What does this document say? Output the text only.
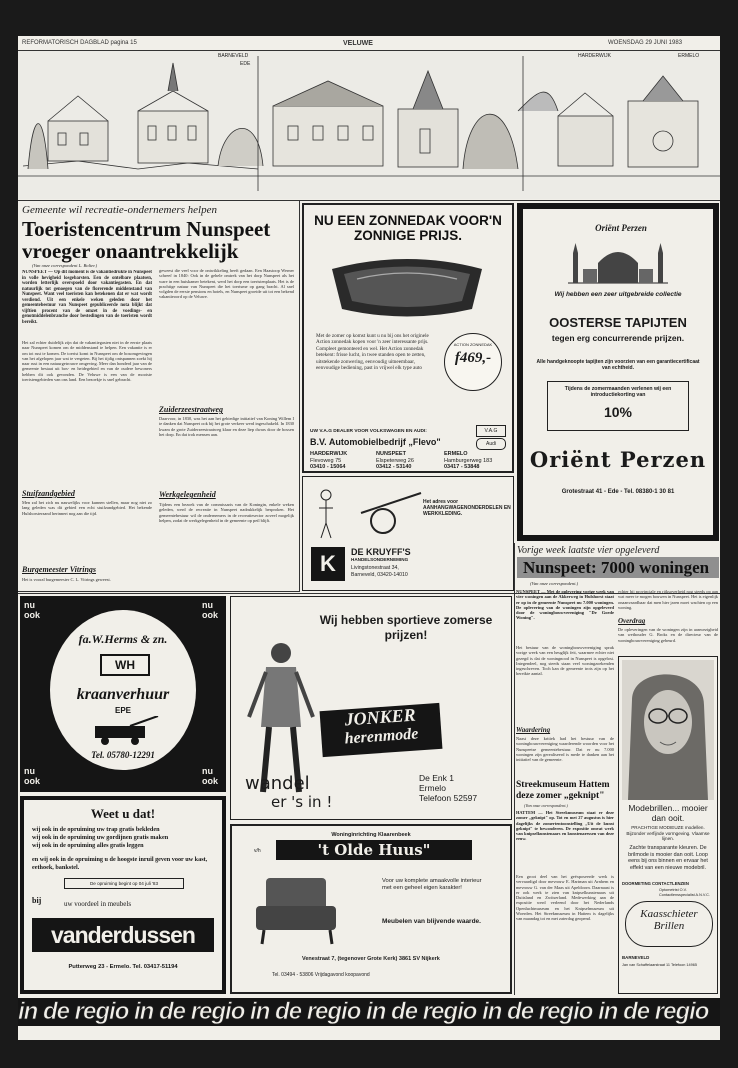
REFORMATORISCH DAGBLAD pagina 15	VELUWE	WOENSDAG 29 JUNI 1983
BARNEVELD
EDE
HARDERWIJK	ERMELO
Gemeente wil recreatie-ondernemers helpen
Toeristencentrum Nunspeet vroeger onaantrekkelijk
(Van onze correspondent L. Bolier.)
NUNSPEET — Op dit moment is de vakantiedrukte in Nunspeet in volle hevigheid losgebarsten. Een de ontelbare plaatsen, worden letterlijk overspoeld door vakantiegasten. En dat natuurlijk tot genoegen van de florerende middenstand van Nunspeet. Want veel toeristen kan betekenen dat er wat wordt verdiend. Uit een enkele weken geleden door het gemeentebestuur van Nunspeet gepubliceerde nota blijkt dat vijftien procent van de omzet in de voedings- en genotmiddelenbranche door bestedingen van de toeristen wordt bereikt.
Het zal echter duidelijk zijn dat de vakantiegasten niet in de eerste plaats naar Nunspeet komen om de middenstand te helpen. Een vakantie is er om tot rust te komen. De toerist komt in Nunspeet om de bosomgevingen van het afgelopen jaar wat te vergeten. Bij het tijdig ontspannen zoekt hij naar rust in een natuurgetrouwe omgeving. Meer dan honderd jaar van de gemeente bestaat uit bos- en heidegebied en van de oudere bewoners hebben dit ook gevonden. De Veluwe is een van de mooiste toeristengebieden van ons land. Een bezoekje is snel gebracht.
Stuifzandgebied
Men zal het zich nu nauwelijks voor kunnen stellen, maar nog niet zo lang geleden was dit gebied een echt stuifzandgebied. Het bekende Hulshorsterzand herinnert nog aan die tijd.
Burgemeester Vitrings
Het is vooral burgemeester C. L. Vitrings geweest.
geweest die veel voor de ontwikkeling heeft gedaan. Een Haastoop Werner schreef in 1840: Ook in de gehele omtrek van het dorp Nunspeet als het ware in een huiskamer betekent, werd het dorp een toeristenplaats. Het is de prachtige natuur van Nunspeet die het toerisme op gang bracht. Al snel volgden de eerste pensions en hotels, en Nunspeet groeide uit tot een bekend vakantieoord op de Veluwe.
Zuiderzeestraatweg
Daarvoor, in 1830, was het aan het gebiedige initiatief van Koning Willem I te danken dat Nunspeet ook bij het grote verkeer werd ingeschakeld. In 1830 kwam de grote Zuiderzeestraatweg klaar en deze liep dwars door de bossen het dorp. En dat trok mensen aan.
Werkgelegenheid
Tijdens een bezoek van de commissaris van de Koningin, enkele weken geleden, werd de recreatie in Nunspeet nadrukkelijk besproken. Het gemeentebestuur wil de ondernemers in de recreatiesector zoveel mogelijk helpen, zodat de werkgelegenheid in de gemeente op peil blijft.
NU EEN ZONNEDAK VOOR'N ZONNIGE PRIJS.
Met de zomer op komst kunt u nu bij ons het originele Action zonnedak kopen voor 'n zeer interessante prijs. Compleet gemonteerd en wel. Het Action zonnedak betekent: frisse lucht, in twee standen open te zetten, uitstekende zonwering, eenvoudig uitneembaar, eenvoudige bediening, past in vrijwel elk type auto
ACTION ZONNEDAK
f469,-
UW V.A.G DEALER VOOR VOLKSWAGEN EN AUDI:
B.V. Automobielbedrijf „Flevo"
V.A.G
Audi
HARDERWIJK
Flevoweg 75
03410 - 15064
NUNSPEET
Elspeterweg 26
03412 - 53140
ERMELO
Hamburgerweg 183
03417 - 53848
Oriënt Perzen
Wij hebben een zeer uitgebreide collectie
OOSTERSE TAPIJTEN
tegen erg concurrerende prijzen.
Alle handgeknoopte tapijten zijn voorzien van een garantiecertificaat van echtheid.
Tijdens de zomermaanden verlenen wij een introductiekorting van
10%
Oriënt Perzen
Grotestraat 41 - Ede - Tel. 08380-1 30 81
Het adres voor AANHANGWAGENONDERDELEN EN WERKKLEDING.
K	DE KRUYFF'S
HANDELSONDERNEMING
Livingstonestraat 34,
Barneveld, 03420-14010
Vorige week laatste vier opgeleverd
Nunspeet: 7000 woningen
(Van onze correspondent.)
nu ook
nu ook
fa.W.Herms & zn.
WH
kraanverhuur
EPE
Tel. 05780-12291
nu ook
nu ook
Wij hebben sportieve zomerse prijzen!
JONKER
herenmode
wandel
er 's in !
De Enk 1
Ermelo
Telefoon 52597
Weet u dat!
wij ook in de opruiming uw trap gratis bekleden
wij ook in de opruiming uw gordijnen gratis maken
wij ook in de opruiming alles gratis leggen
en wij ook in de opruiming u de hoogste inruil geven voor uw kast, eethoek, bankstel.
De opruiming begint op 04 juli '83
bij	uw voordeel in meubels
vanderdussen
Putterweg 23 - Ermelo. Tel. 03417-51194
Woninginrichting Klaarenbeek
v/h	't Olde Huus"
Voor uw komplete amaakvolle interieur met een geheel eigen karakter!
Meubelen van blijvende waarde.
Venestraat 7, (tegenover Grote Kerk) 3861 SV Nijkerk
Tel. 03494 - 53806 Vrijdagavond koopavond
NUNSPEET — Met de oplevering vorige week van vier woningen aan de Akkerweg in Hulshorst staat er op in de gemeente Nunspeet nu 7.000 woningen. De oplevering van de woningen zijn opgeleverd door de woningbouwvereniging "De Goede Woning".
Het bestuur van de woningbouwvereniging sprak vorige week van een heuglijk feit, waarmee echter niet gezegd is dat de woningnood in Nunspeet is opgelost. Integendeel, nog steeds staan veel woningzoekenden ingeschreven. Toch kan de gemeente trots zijn op het bereikte aantal.
Waardering
Naast deze kritiek had het bestuur van de woningbouwvereniging waarderende woorden voor het Nunspeetse gemeentebestuur. Dat er nu 7.000 woningen zijn gerealiseerd is mede te danken aan het initiatief van de gemeente.
echter bij provinciale en rijksoverheid nog steeds op aan wat meer te mogen bouwen in Nunspeet. Het is eigenlijk onaanvaardbaar dat men hier jaren moet wachten op een woning.
Overdrag
De opleveringen van de woningen zijn in aanwezigheid van wethouder G. Broks en de directeur van de woningbouwvereniging gebeurd.
Modebrillen... mooier dan ooit.
PRACHTIGE MODIEUZE modellen. Bijzonder verfijnde vormgeving. Vlaamse lijnen.
Zachte transparante kleuren. De brilmode is mooier dan ooit. Loop eens bij ons binnen en ervaar het effekt van een nieuwe modebril.
DOORMETING CONTACTLENZEN
Optometrist O.V. Contactlensspecialist A.N.V.C.
Kaasschieter
Brillen
BARNEVELD
Jan van Schaffelaarstraat 11 Telefoon 14965
Streekmuseum Hattem deze zomer „geknipt"
(Van onze correspondent.)
HATTEM — Het Streekmuseum staat er deze zomer „geknipt" op. Tot en met 27 augustus is hier dagelijks de zomertentoonstelling „Uit de kunst geknipt" te bewonderen. De expositie omvat werk van knipselkunstenaars en kunstenaressen van deze eeuw.
Een groot deel van het geëxposeerde werk is vervaardigd door mevrouw E. Hartman uit Arnhem en mevrouw G. van der Maas uit Apeldoorn. Daarnaast is er ook werk te zien van knipselkunstenaars uit Duitsland en Zwitserland. Medewerking aan de expositie werd verleend door het Nederlands Openluchtmuseum en het Knipselmuseum uit Woerden. Het Streekmuseum in Hattem is dagelijks van maandag tot en met zaterdag geopend.
in de regio in de regio in de regio in de regio in de regio in de regio
